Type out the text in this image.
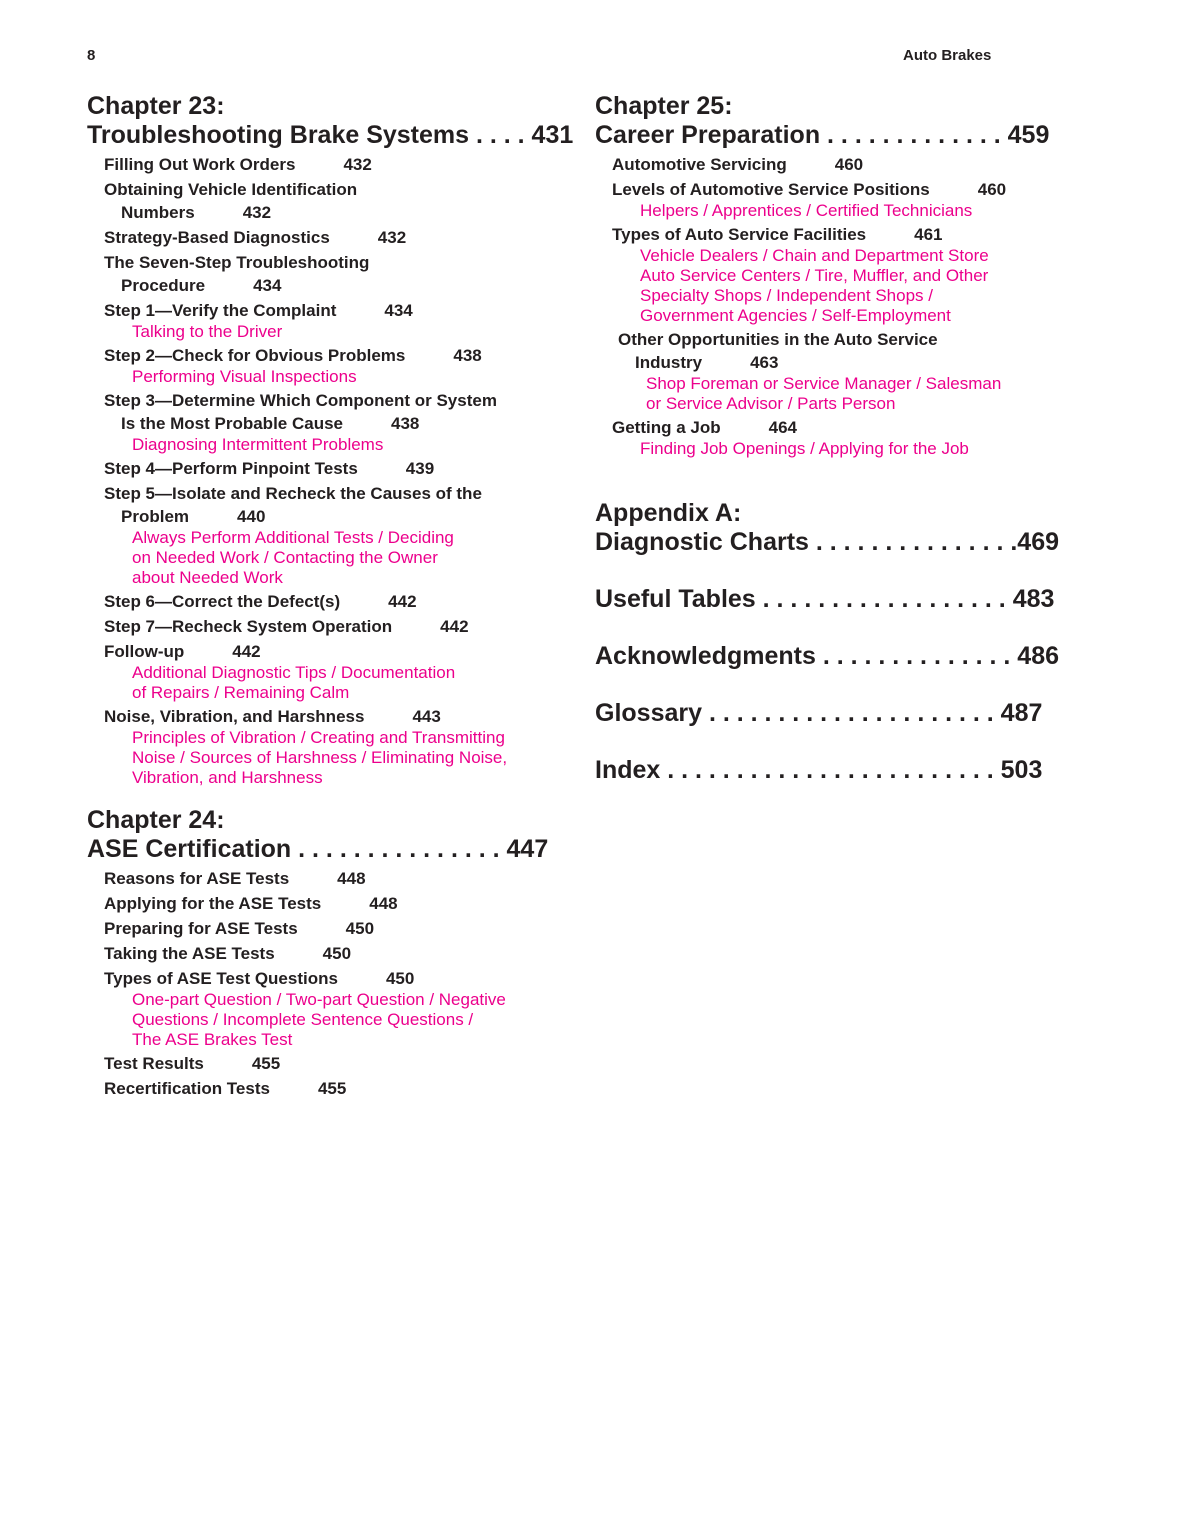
8	Auto Brakes
Chapter 23:
Troubleshooting Brake Systems . . . . 431
Filling Out Work Orders	432
Obtaining Vehicle Identification
Numbers	432
Strategy-Based Diagnostics	432
The Seven-Step Troubleshooting
Procedure	434
Step 1—Verify the Complaint	434
Talking to the Driver
Step 2—Check for Obvious Problems	438
Performing Visual Inspections
Step 3—Determine Which Component or System
Is the Most Probable Cause	438
Diagnosing Intermittent Problems
Step 4—Perform Pinpoint Tests	439
Step 5—Isolate and Recheck the Causes of the
Problem	440
Always Perform Additional Tests / Deciding
on Needed Work / Contacting the Owner
about Needed Work
Step 6—Correct the Defect(s)	442
Step 7—Recheck System Operation	442
Follow-up	442
Additional Diagnostic Tips / Documentation
of Repairs / Remaining Calm
Noise, Vibration, and Harshness	443
Principles of Vibration / Creating and Transmitting
Noise / Sources of Harshness / Eliminating Noise,
Vibration, and Harshness
Chapter 24:
ASE Certification . . . . . . . . . . . . . . . 447
Reasons for ASE Tests	448
Applying for the ASE Tests	448
Preparing for ASE Tests	450
Taking the ASE Tests	450
Types of ASE Test Questions	450
One-part Question / Two-part Question / Negative
Questions / Incomplete Sentence Questions /
The ASE Brakes Test
Test Results	455
Recertification Tests	455
Chapter 25:
Career Preparation . . . . . . . . . . . . . 459
Automotive Servicing	460
Levels of Automotive Service Positions	460
Helpers / Apprentices / Certified Technicians
Types of Auto Service Facilities	461
Vehicle Dealers / Chain and Department Store
Auto Service Centers / Tire, Muffler, and Other
Specialty Shops / Independent Shops /
Government Agencies / Self-Employment
Other Opportunities in the Auto Service
Industry	463
Shop Foreman or Service Manager / Salesman
or Service Advisor / Parts Person
Getting a Job	464
Finding Job Openings / Applying for the Job
Appendix A:
Diagnostic Charts . . . . . . . . . . . . . . .469
Useful Tables . . . . . . . . . . . . . . . . . . 483
Acknowledgments . . . . . . . . . . . . . . 486
Glossary . . . . . . . . . . . . . . . . . . . . . 487
Index . . . . . . . . . . . . . . . . . . . . . . . . 503
